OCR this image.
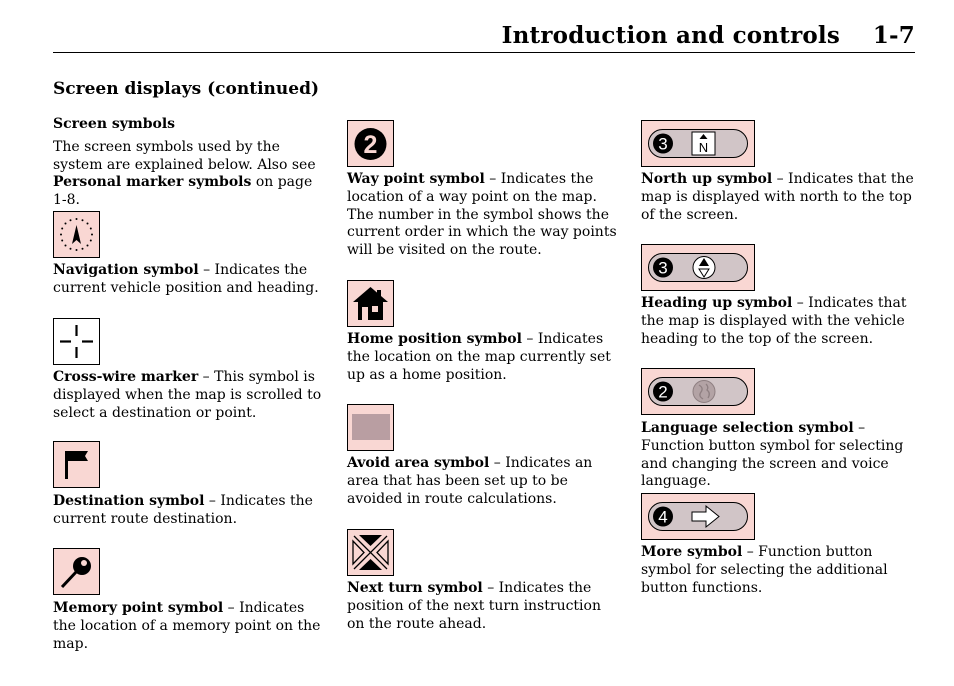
Introduction and controls    1-7
Screen displays (continued)

Screen symbols

The screen symbols used by the system are explained below. Also see Personal marker symbols on page 1-8.

Navigation symbol – Indicates the current vehicle position and heading.

Cross-wire marker – This symbol is displayed when the map is scrolled to select a destination or point.

Destination symbol – Indicates the current route destination.

Memory point symbol – Indicates the location of a memory point on the map.

2

Way point symbol – Indicates the location of a way point on the map. The number in the symbol shows the current order in which the way points will be visited on the route.

Home position symbol – Indicates the location on the map currently set up as a home position.

Avoid area symbol – Indicates an area that has been set up to be avoided in route calculations.

Next turn symbol – Indicates the position of the next turn instruction on the route ahead.

3 N

North up symbol – Indicates that the map is displayed with north to the top of the screen.

3

Heading up symbol – Indicates that the map is displayed with the vehicle heading to the top of the screen.

2

Language selection symbol – Function button symbol for selecting and changing the screen and voice language.

4

More symbol – Function button symbol for selecting the additional button functions.
